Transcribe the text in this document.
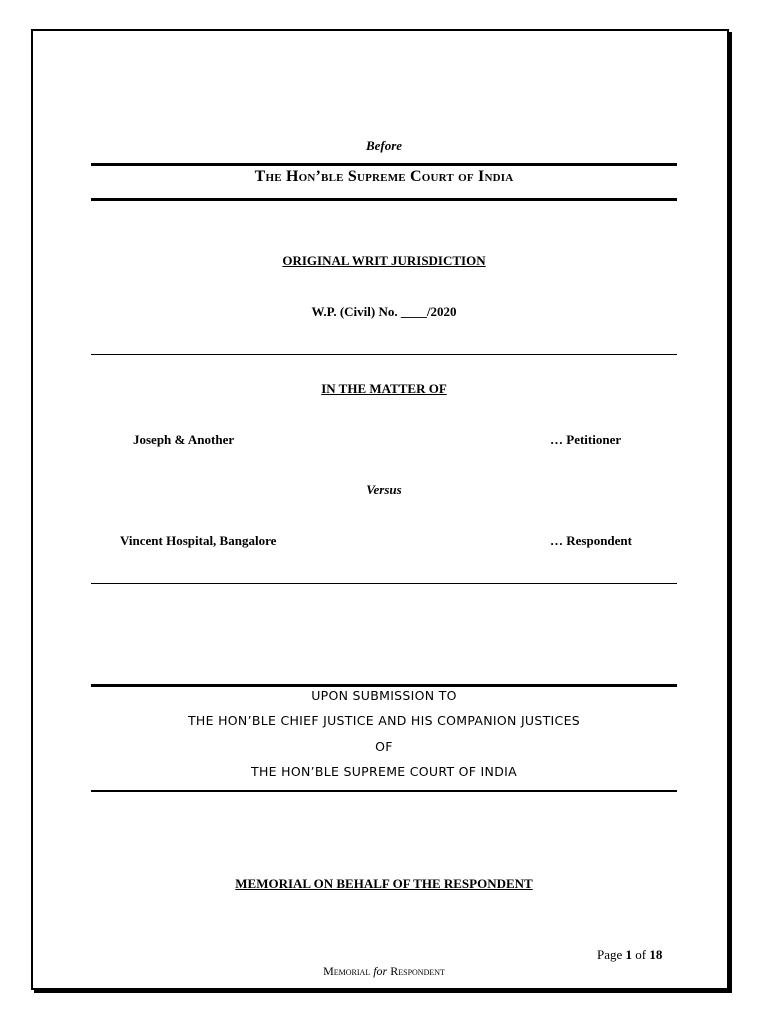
Before
The Hon’ble Supreme Court of India
ORIGINAL WRIT JURISDICTION
W.P. (Civil) No. ____/2020
IN THE MATTER OF
Joseph & Another	… Petitioner
Versus
Vincent Hospital, Bangalore	… Respondent
UPON SUBMISSION TO
THE HON’BLE CHIEF JUSTICE AND HIS COMPANION JUSTICES
OF
THE HON’BLE SUPREME COURT OF INDIA
MEMORIAL ON BEHALF OF THE RESPONDENT
Page 1 of 18
Memorial for Respondent
